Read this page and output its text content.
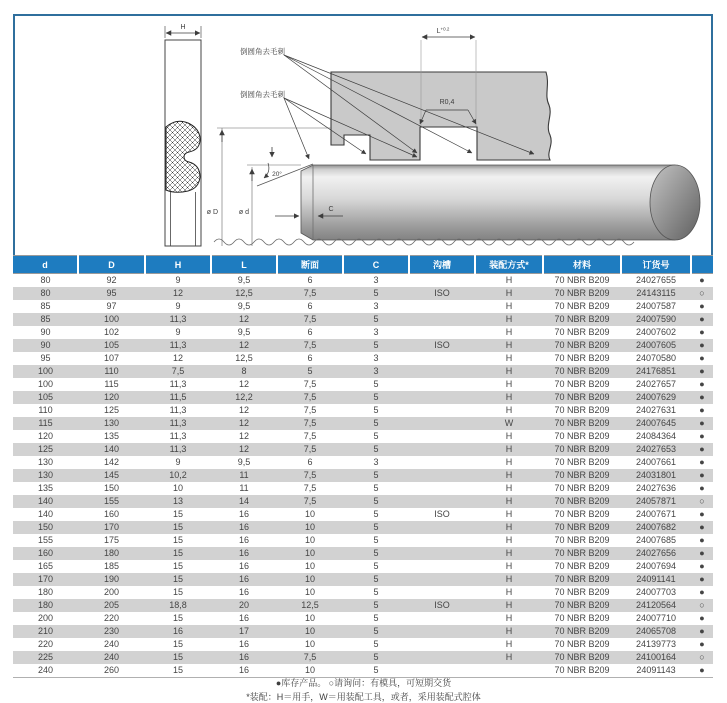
H
$L^{+0.2}$
R0,4
ø D	ø d
20°
C
倒圆角去毛刺
倒圆角去毛刺
d	D	H	L	断面	C	沟槽	装配方式*	材料	订货号	
80	92	9	9,5	6	3		H	70 NBR B209	24027655	●
80	95	12	12,5	7,5	5	ISO	H	70 NBR B209	24143115	○
85	97	9	9,5	6	3		H	70 NBR B209	24007587	●
85	100	11,3	12	7,5	5		H	70 NBR B209	24007590	●
90	102	9	9,5	6	3		H	70 NBR B209	24007602	●
90	105	11,3	12	7,5	5	ISO	H	70 NBR B209	24007605	●
95	107	12	12,5	6	3		H	70 NBR B209	24070580	●
100	110	7,5	8	5	3		H	70 NBR B209	24176851	●
100	115	11,3	12	7,5	5		H	70 NBR B209	24027657	●
105	120	11,5	12,2	7,5	5		H	70 NBR B209	24007629	●
110	125	11,3	12	7,5	5		H	70 NBR B209	24027631	●
115	130	11,3	12	7,5	5		W	70 NBR B209	24007645	●
120	135	11,3	12	7,5	5		H	70 NBR B209	24084364	●
125	140	11,3	12	7,5	5		H	70 NBR B209	24027653	●
130	142	9	9,5	6	3		H	70 NBR B209	24007661	●
130	145	10,2	11	7,5	5		H	70 NBR B209	24031801	●
135	150	10	11	7,5	5		H	70 NBR B209	24027636	●
140	155	13	14	7,5	5		H	70 NBR B209	24057871	○
140	160	15	16	10	5	ISO	H	70 NBR B209	24007671	●
150	170	15	16	10	5		H	70 NBR B209	24007682	●
155	175	15	16	10	5		H	70 NBR B209	24007685	●
160	180	15	16	10	5		H	70 NBR B209	24027656	●
165	185	15	16	10	5		H	70 NBR B209	24007694	●
170	190	15	16	10	5		H	70 NBR B209	24091141	●
180	200	15	16	10	5		H	70 NBR B209	24007703	●
180	205	18,8	20	12,5	5	ISO	H	70 NBR B209	24120564	○
200	220	15	16	10	5		H	70 NBR B209	24007710	●
210	230	16	17	10	5		H	70 NBR B209	24065708	●
220	240	15	16	10	5		H	70 NBR B209	24139773	●
225	240	15	16	7,5	5		H	70 NBR B209	24100164	○
240	260	15	16	10	5			70 NBR B209	24091143	●
●库存产品。 ○请询问：有模具，可短期交货
*装配：H＝用手，W＝用装配工具，或者，采用装配式腔体
